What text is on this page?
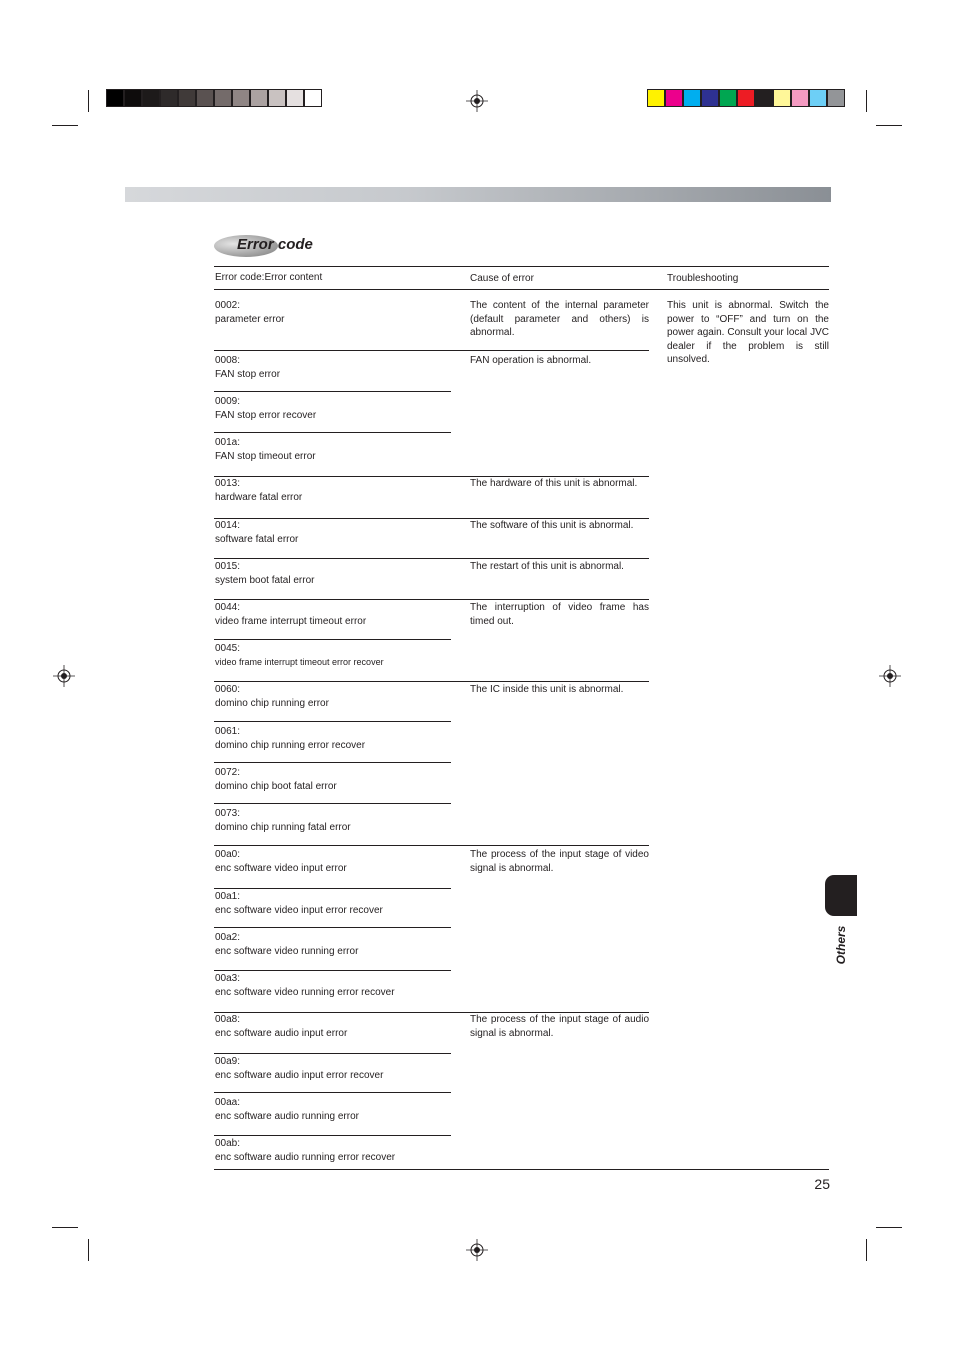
Error code
Error code:Error content	Cause of error	Troubleshooting
This unit is abnormal. Switch the power to “OFF” and turn on the power again. Consult your local JVC dealer if the problem is still unsolved.
0002:
parameter error
0008:
FAN stop error
0009:
FAN stop error recover
001a:
FAN stop timeout error
0013:
hardware fatal error
0014:
software fatal error
0015:
system boot fatal error
0044:
video frame interrupt timeout error
0045:
video frame interrupt timeout error recover
0060:
domino chip running error
0061:
domino chip running error recover
0072:
domino chip boot fatal error
0073:
domino chip running fatal error
00a0:
enc software video input error
00a1:
enc software video input error recover
00a2:
enc software video running error
00a3:
enc software video running error recover
00a8:
enc software audio input error
00a9:
enc software audio input error recover
00aa:
enc software audio running error
00ab:
enc software audio running error recover
The content of the internal parameter (default parameter and others) is abnormal.
FAN operation is abnormal.
The hardware of this unit is abnormal.
The software of this unit is abnormal.
The restart of this unit is abnormal.
The interruption of video frame has timed out.
The IC inside this unit is abnormal.
The process of the input stage of video signal is abnormal.
The process of the input stage of audio signal is abnormal.
Others
25
